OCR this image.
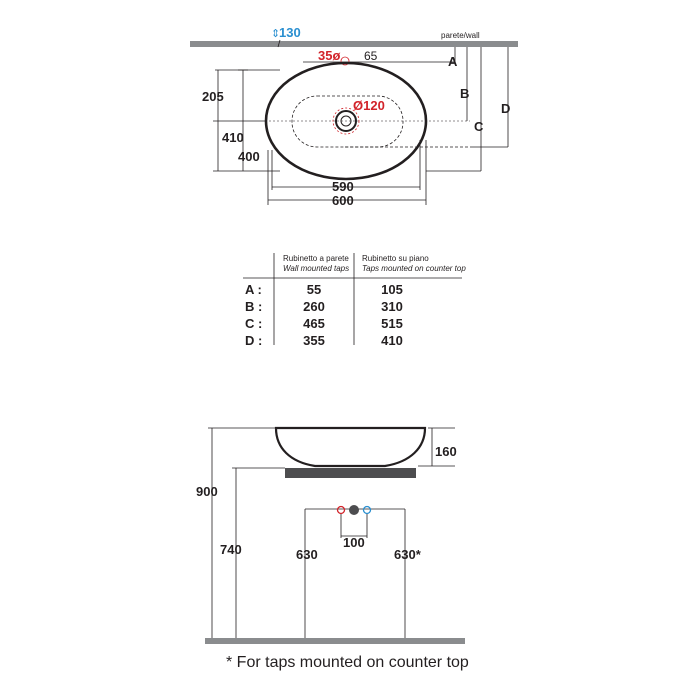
parete/wall
⇕
130
35ø 65
Ø120
205
410
400
590
600
A
B
C
D
Rubinetto a parete
Wall mounted taps
Rubinetto su piano
Taps mounted on counter top
A :	55	105
B :	260	310
C :	465	515
D :	355	410
160
900
740	100
630	630*
* For taps mounted on counter top
